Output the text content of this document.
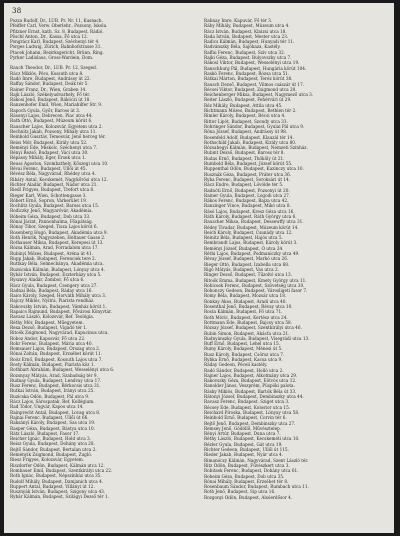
38

Pozza Rudolf, Dr., LUB. Pr. Nr. 11, Kusnach.

Pfeiffer Carl, Verw. Oberlehr., Pozsony, Iskola.

Pfitzner Ernst, kath. Sz. 8, Budapest, Rádió.

Pöschl Anton, Dr., Kassa, Fő utca 12.

Pongrácz Karl, Budapest, Széchenyi tér 4.

Porges Ludwig, Zürich, Bahnhofstrasse 31.

Ptacek Johann, Bezirksgericht, Brünn, Ring.

Pyrker Ladislaus, Gross-Wardein, Dom.

Rauch Theodor, Dr., LUB. Pr. 12, Szeged.

Rácz Miklós, Pécs, Kossuth utca 8.

Radó Imre, Budapest, Andrássy út 22.

Raffay Sándor, Budapest, Deák tér 5.

Rainer Franz, Dr., Wien, Graben 14.

Rajk László, Székelyudvarhely, Fő tér.

Rákosi Jenő, Budapest, Rákóczi út 18.

Ranzenhofer Emil, Wien, Mariahilfer Str. 9.

Rapoch Gyula, Győr, Baross út 3.

Rásonyi Lajos, Debrecen, Piac utca 44.

Rath Ottó, Budapest, Múzeum körút 6.

Rauscher Lajos, Kolozsvár, Egyetem utca 2.

Rechnitz Jakab, Pozsony, Mihály utca 11.

Reinhold Gusztáv, Temesvár, Jenő herceg tér.

Reiss Mór, Budapest, Király utca 52.

Reményi Ede, Miskolc, Széchenyi utca 7.

Rényi Rezső, Budapest, Váci utca 30.

Répássy Mihály, Eger, Érsek utca 1.

Reuss Ágoston, Szombathely, Kőszegi utca 10.

Révai Ferenc, Budapest, Üllői út 45.

Révész Béla, Nagyvárad, Rhédey utca 4.

Ribáry Antal, Kecskemét, Nagykőrösi utca 12.

Richter Aladár, Budapest, Nádor utca 21.

Riedl Frigyes, Budapest, Trefort utca 8.

Rieger Karl, Wien, Schottengasse 3.

Róbert Ernő, Sopron, Várkerület 19.

Rochlitz Gyula, Budapest, Baross utca 15.

Rodiczky Jenő, Magyaróvár, Akadémia.

Róheim Géza, Budapest, Dob utca 33.

Rónai Jácint, Pannonhalma, Főapátság.

Rónay Tibor, Szeged, Tisza Lajos körút 6.

Rosenberg Hugó, Budapest, Akadémia utca 9.

Roth Henrik, Nagyszeben, Heltauer Gasse 2.

Rothauser Miksa, Budapest, Kerepesi út 13.

Rózsa Kálmán, Arad, Forradalom utca 17.

Rubinyi Mózes, Budapest, Aréna út 41.

Rupp Jakab, Budapest, Ferenciek tere 2.

Ruttkay Béla, Selmecbánya, Akadémia utca.

Ruzsicska Kálmán, Budapest, Lónyay utca 4.

Rybár István, Budapest, Eszterházy utca 5.

Ryszavy Aladár, Zombor, Fő utca 6.

Rácz Gyula, Budapest, Csengery utca 27.

Radnai Béla, Budapest, Ráday utca 16.

Raics Károly, Szeged, Horváth Mihály utca 3.

Rajczy Miklós, Nyitra, Piarista rendház.

Rakovszky István, Budapest, Vámház körút 1.

Rapaics Rajmund, Budapest, Fővárosi Könyvtár.

Ravasz László, Kolozsvár, Ref. Teológia.

Réthy Mór, Budapest, Műegyetem.

Rexa Dezső, Budapest, Vigadó tér 1.

Ritoók Zsigmond, Nagyvárad, Kapucinus utca.

Roboz Andor, Kaposvár, Fő utca 22.

Rohr Ferenc, Budapest, Mária utca 40.

Romsauer Lajos, Budapest, Orszag utca 2.

Rónai Zoltán, Budapest, Erzsébet körút 11.

Roóz Ernő, Budapest, Kossuth Lajos utca 7.

Rosty Kálmán, Budapest, Piarista köz 1.

Rothbart Ábrahám, Budapest, Wesselényi utca 6.

Rozsnyay Mátyás, Arad, Szabadság tér 9.

Rudnay Gyula, Budapest, Lendvay utca 17.

Rusz Ferenc, Budapest, Bérkocsis utca 31.

Rutkai István, Budapest, Irányi utca 25.

Ruzicska Ödön, Budapest, Pál utca 9.

Rácz Lajos, Sárospatak, Ref. Kollégium.

Rad Tódor, Ungvár, Kapos utca 14.

Rainprecht Antal, Budapest, Lovag utca 8.

Rajnai Ferenc, Budapest, Üllői út 66.

Raksányi Károly, Budapest, Sas utca 19.

Rasper Géza, Budapest, Bástya utca 10.

Rátz László, Budapest, Fasor 17.

Reicher Ignác, Budapest, Hold utca 3.

Reisz Gyula, Budapest, Dohány utca 28.

Rejtő Sándor, Budapest, Bertalan utca 2.

Reményik Zsigmond, Budapest, Zugló.

Riesz Frigyes, Kolozsvár, Egyetem.

Riszdorfer Ödön, Budapest, Kálmán utca 12.

Rombauer Emil, Budapest, Szentkirályi utca 22.

Roth Ignác, Budapest, Népszínház utca 35.

Rudolf Mihály, Budapest, Damjanich utca 4.

Ruppert Antal, Budapest, Villányi út 12.

Rusznyák István, Budapest, Szigony utca 43.

Rybár Kálmán, Budapest, Szilágyi Dezső tér 1.

Rabnay Imre, Kapuvár, Fő tér 3.

Ráby Mihály, Budapest, Múzeum utca 4.

Rácz István, Budapest, Kinizsi utca 18.

Rada István, Budapest, Mester utca 23.

Radics Kálmán, Budapest, Hunyadi tér 11.

Radvánszky Béla, Sajókaza, Kastély.

Raffai Ferenc, Budapest, Szív utca 32.

Rajki Géza, Budapest, Bulyovszky utca 7.

Rákosi Viktor, Budapest, Wesselényi utca 19.

Ranschburg Pál, Budapest, Hungária körút 104.

Raskó Ferenc, Budapest, Rózsa utca 51.

Rátkai Márton, Budapest, Teréz körút 38.

Rausch Dezső, Budapest, Vilmos császár út 17.

Récsei Viktor, Budapest, Zsigmond utca 20.

Reichenberger Miksa, Budapest, Nagymező utca 3.

Reiter László, Budapest, Fehérvári út 29.

Réz Mihály, Budapest, Attila utca 45.

Richtmann Mózes, Budapest, Bethlen tér 2.

Rimler Károly, Budapest, Bécsi utca 4.

Ritter Lipót, Budapest, Szondy utca 33.

Rohringer Sándor, Budapest, Gyulai Pál utca 9.

Róna József, Budapest, Andrássy út 98.

Rosenfeld Adolf, Budapest, Klauzál tér 14.

Rothschild Jakab, Budapest, Király utca 80.

Rózsahegyi Kálmán, Budapest, Nemzeti Színház.

Rubint Dezső, Budapest, Baross tér 8.

Rudas Ernő, Budapest, Thököly út 21.

Rumbold Béla, Budapest, József körút 55.

Ruppenthal Ödön, Budapest, Kazinczy utca 10.

Rusznák Géza, Budapest, Práter utca 36.

Ryba Ferenc, Budapest, Soroksári út 14.

Rácz Endre, Budapest, Lövölde tér 5.

Radnóti Ernő, Budapest, Pozsonyi út 20.

Rainer Gyula, Budapest, Logodi utca 27.

Rákos Ferenc, Budapest, Bajza utca 42.

Ranzinger Vince, Budapest, Mikó utca 8.

Rásó Lajos, Budapest, Kresz Géza utca 16.

Ráth Károly, Budapest, Ráth György utca 6.

Rauscher Miksa, Budapest, Dessewffy utca 31.

Rédey Tivadar, Budapest, Múzeum körút 14.

Reich Károly, Budapest, Csanády utca 12.

Reinitz Béla, Budapest, Hajós utca 5.

Rembrandt Lajos, Budapest, Károly körút 3.

Reményi József, Budapest, Ó utca 24.

Réthi Lajos, Budapest, Podmaniczky utca 49.

Révay József, Budapest, Markó utca 26.

Rieger Ottó, Budapest, Izabella utca 68.

Rigó Mátyás, Budapest, Vas utca 2.

Ringer Dezső, Budapest, Tűzoltó utca 13.

Ritoók Emma, Budapest, Kmety György utca 11.

Robicsek Ferenc, Budapest, Szövetség utca 30.

Rohonczy Gedeon, Budapest, Városligeti fasor 7.

Romy Béla, Budapest, Mozsár utca 18.

Ronkay Ákos, Budapest, Aradi utca 40.

Rosenthal Jenő, Budapest, Révay utca 10.

Rosta Kálmán, Budapest, Fő utca 71.

Roth Móric, Budapest, Kertész utca 24.

Rottmann Ede, Budapest, Bajcsy utca 58.

Rózsay József, Budapest, Szentkirályi utca 46.

Rubin Simon, Budapest, Akácfa utca 21.

Rudnyánszky Gyula, Budapest, Visegrádi utca 13.

Ruff Ernő, Budapest, Lehel utca 15.

Rumy Károly, Budapest, Ménesi út 5.

Rusz Károly, Budapest, Csörsz utca 7.

Rybka Ernő, Budapest, Kacsa utca 9.

Ráday Gedeon, Péceli kastély.

Radó Sándor, Budapest, Holló utca 2.

Rajner Lajos, Budapest, Alkotmány utca 29.

Rakovszky Géza, Budapest, Eötvös utca 12.

Ranolder János, Veszprém, Püspöki palota.

Rásky Miklós, Budapest, Bartók Béla út 33.

Rátonyi József, Budapest, Dembinszky utca 44.

Ravasz Ferenc, Budapest, Sziget utca 3.

Récsey Ede, Budapest, Kolostor utca 15.

Reichard Piroska, Budapest, Lónyay utca 58.

Reinbold Ernő, Budapest, Corvin tér 6.

Rejtő Jenő, Budapest, Dembinszky utca 27.

Remsey Jenő, Gödöllő, Művésztelep.

Rényi Artúr, Budapest, Duna utca 7.

Réthy László, Budapest, Kecskeméti utca 10.

Rézler Gyula, Budapest, Gát utca 19.

Richter Gedeon, Budapest, Üllői út 115.

Rieder Jakab, Budapest, Nyár utca 4.

Rimanóczy Kálmán, Nagyvárad, Szent László tér.

Ritz Ödön, Budapest, Fűvészkert utca 3.

Robitsek Ferenc, Budapest, Dohány utca 61.

Roheim Géza, Budapest, Dob utca 35.

Rónai Mihály, Budapest, Erzsébet tér 8.

Rosenbaum Sándor, Budapest, Rumbach utca 11.

Roth Jenő, Budapest, Sip utca 16.

Rozgonyi Ödön, Budapest, Alsóerdősor 4.
